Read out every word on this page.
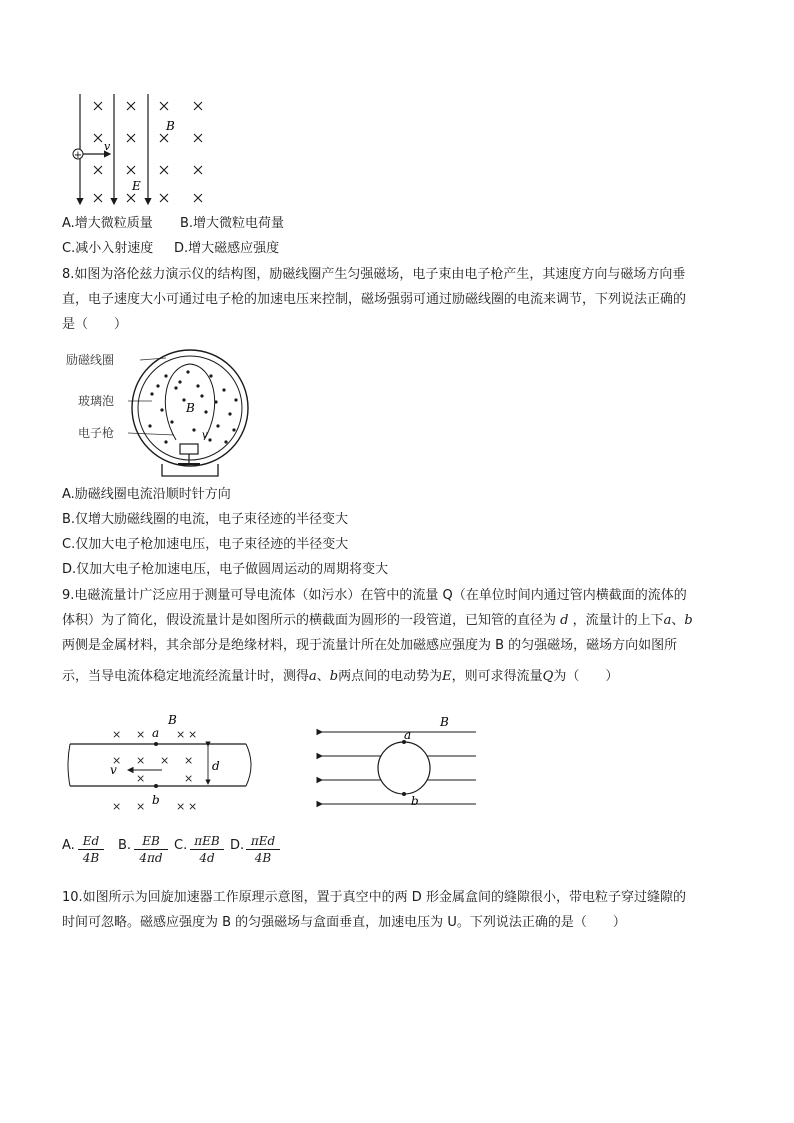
+
v
B
E
A.增大微粒质量 B.增大微粒电荷量
C.减小入射速度 D.增大磁感应强度
8.如图为洛伦兹力演示仪的结构图，励磁线圈产生匀强磁场，电子束由电子枪产生，其速度方向与磁场方向垂
直，电子速度大小可通过电子枪的加速电压来控制，磁场强弱可通过励磁线圈的电流来调节，下列说法正确的
是（　　）
励磁线圈
玻璃泡
电子枪
B
v
A.励磁线圈电流沿顺时针方向
B.仅增大励磁线圈的电流，电子束径迹的半径变大
C.仅加大电子枪加速电压，电子束径迹的半径变大
D.仅加大电子枪加速电压，电子做圆周运动的周期将变大
9.电磁流量计广泛应用于测量可导电流体（如污水）在管中的流量 Q（在单位时间内通过管内横截面的流体的
体积）为了简化，假设流量计是如图所示的横截面为圆形的一段管道，已知管的直径为 d ，流量计的上下a、b
两侧是金属材料，其余部分是绝缘材料，现于流量计所在处加磁感应强度为 B 的匀强磁场，磁场方向如图所
示，当导电流体稳定地流经流量计时，测得a、b两点间的电动势为E，则可求得流量Q为（　　）
B
× ×	× ×
× ×	× ×
× × × ×
×	×
a
b
v	d
B
a
b
A. Ed
4B
B. EB
4πd
C. πEB
4d
D. πEd
4B
10.如图所示为回旋加速器工作原理示意图，置于真空中的两 D 形金属盒间的缝隙很小，带电粒子穿过缝隙的
时间可忽略。磁感应强度为 B 的匀强磁场与盒面垂直，加速电压为 U。下列说法正确的是（　　）
